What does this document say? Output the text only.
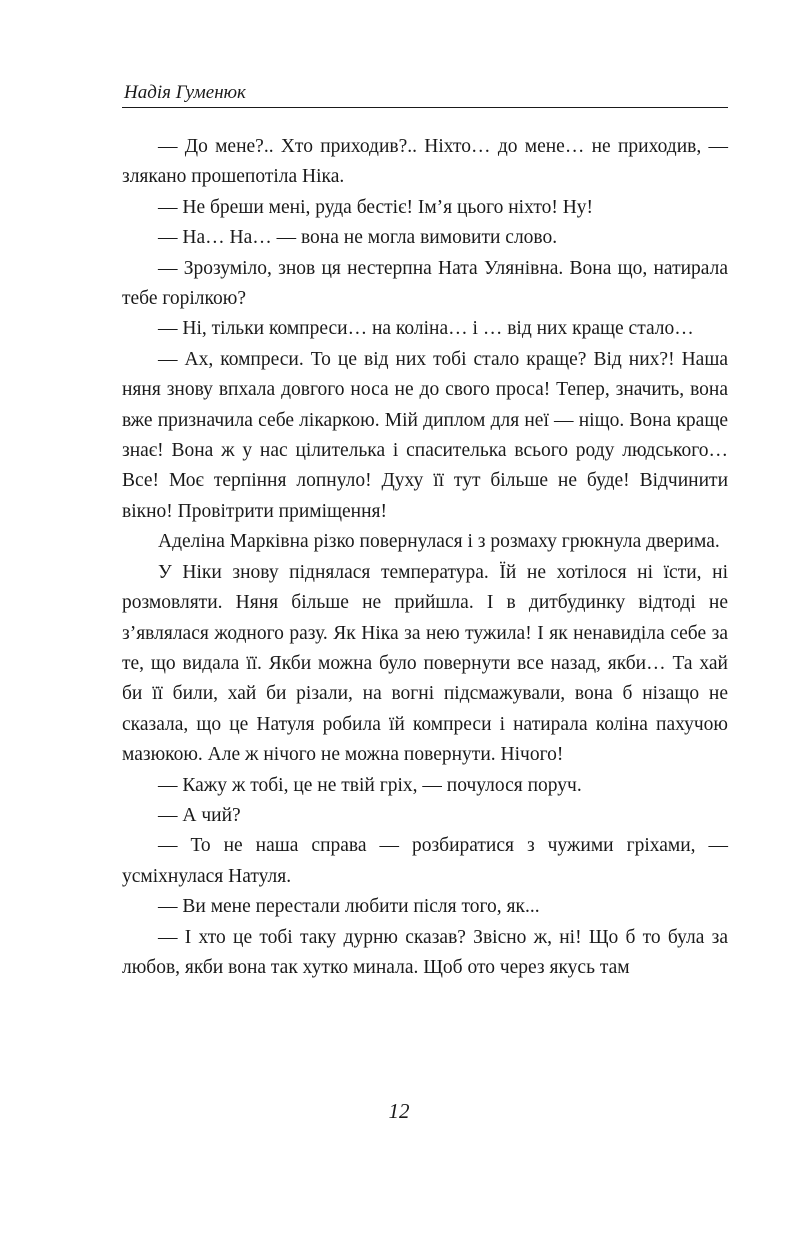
Надія Гуменюк

— До мене?.. Хто приходив?.. Ніхто… до мене… не приходив, — злякано прошепотіла Ніка.

— Не бреши мені, руда бестіє! Ім’я цього ніхто! Ну!

— На… На… — вона не могла вимовити слово.

— Зрозуміло, знов ця нестерпна Ната Улянівна. Вона що, натирала тебе горілкою?

— Ні, тільки компреси… на коліна… і … від них краще стало…

— Ах, компреси. То це від них тобі стало краще? Від них?! Наша няня знову впхала довгого носа не до свого проса! Тепер, значить, вона вже призначила себе лікаркою. Мій диплом для неї — ніщо. Вона краще знає! Вона ж у нас цілителька і спасителька всього роду людського… Все! Моє терпіння лопнуло! Духу її тут більше не буде! Відчинити вікно! Провітрити приміщення!

Аделіна Марківна різко повернулася і з розмаху грюкнула дверима.

У Ніки знову піднялася температура. Їй не хотілося ні їсти, ні розмовляти. Няня більше не прийшла. І в дитбудинку відтоді не з’являлася жодного разу. Як Ніка за нею тужила! І як ненавиділа себе за те, що видала її. Якби можна було повернути все назад, якби… Та хай би її били, хай би різали, на вогні підсмажували, вона б нізащо не сказала, що це Натуля робила їй компреси і натирала коліна пахучою мазюкою. Але ж нічого не можна повернути. Нічого!

— Кажу ж тобі, це не твій гріх, — почулося поруч.

— А чий?

— То не наша справа — розбиратися з чужими гріхами, — усміхнулася Натуля.

— Ви мене перестали любити після того, як...

— І хто це тобі таку дурню сказав? Звісно ж, ні! Що б то була за любов, якби вона так хутко минала. Щоб ото через якусь там

12
